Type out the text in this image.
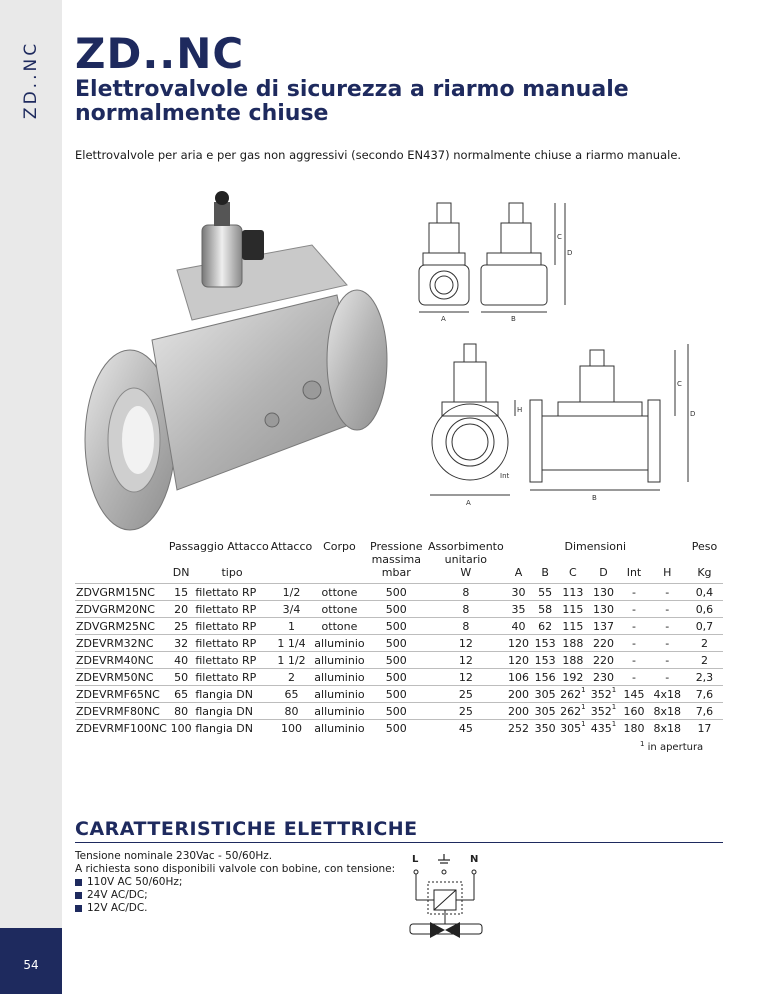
ZD..NC
54
ZD..NC
Elettrovalvole di sicurezza a riarmo manuale normalmente chiuse
Elettrovalvole per aria e per gas non aggressivi (secondo EN437) normalmente chiuse a riarmo manuale.
A	B
C
D
A
B
C
D
H
Int
	Passaggio Attacco		Attacco	Corpo	Pressione massima	Assorbimento unitario	Dimensioni						Peso
	DN	tipo			mbar	W	A	B	C	D	Int	H	Kg
ZDVGRM15NC	15	filettato RP	1/2	ottone	500	8	30	55	113	130	-	-	0,4
ZDVGRM20NC	20	filettato RP	3/4	ottone	500	8	35	58	115	130	-	-	0,6
ZDVGRM25NC	25	filettato RP	1	ottone	500	8	40	62	115	137	-	-	0,7
ZDEVRM32NC	32	filettato RP	1 1/4	alluminio	500	12	120	153	188	220	-	-	2
ZDEVRM40NC	40	filettato RP	1 1/2	alluminio	500	12	120	153	188	220	-	-	2
ZDEVRM50NC	50	filettato RP	2	alluminio	500	12	106	156	192	230	-	-	2,3
ZDEVRMF65NC	65	flangia DN	65	alluminio	500	25	200	305	$262^1$	$352^1$	145	4x18	7,6
ZDEVRMF80NC	80	flangia DN	80	alluminio	500	25	200	305	$262^1$	$352^1$	160	8x18	7,6
ZDEVRMF100NC	100	flangia DN	100	alluminio	500	45	252	350	$305^1$	$435^1$	180	8x18	17
$^1$ in apertura
CARATTERISTICHE ELETTRICHE
Tensione nominale 230Vac - 50/60Hz.
A richiesta sono disponibili valvole con bobine, con tensione:
110V AC 50/60Hz;
24V AC/DC;
12V AC/DC.
L	N
